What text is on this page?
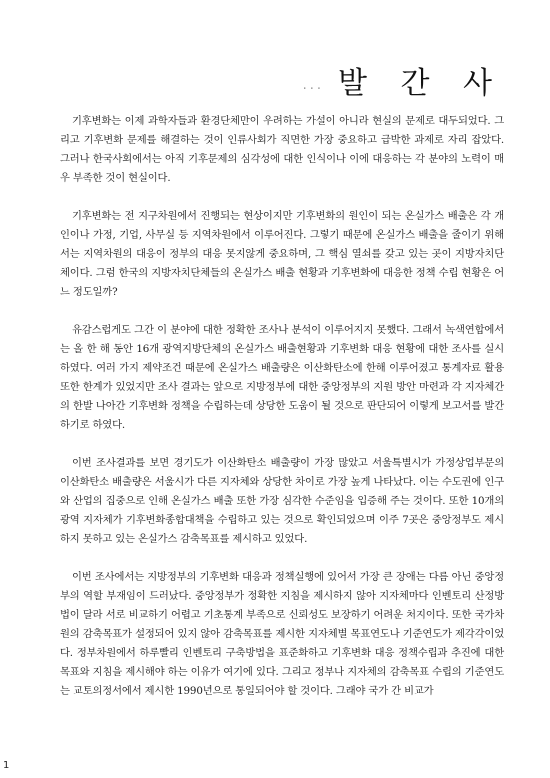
··· 발 간 사

기후변화는 이제 과학자들과 환경단체만이 우려하는 가설이 아니라 현실의 문제로 대두되었다. 그리고 기후변화 문제를 해결하는 것이 인류사회가 직면한 가장 중요하고 급박한 과제로 자리 잡았다. 그러나 한국사회에서는 아직 기후문제의 심각성에 대한 인식이나 이에 대응하는 각 분야의 노력이 매우 부족한 것이 현실이다.

기후변화는 전 지구차원에서 진행되는 현상이지만 기후변화의 원인이 되는 온실가스 배출은 각 개인이나 가정, 기업, 사무실 등 지역차원에서 이루어진다. 그렇기 때문에 온실가스 배출을 줄이기 위해서는 지역차원의 대응이 정부의 대응 못지않게 중요하며, 그 핵심 열쇠를 갖고 있는 곳이 지방자치단체이다. 그럼 한국의 지방자치단체들의 온실가스 배출 현황과 기후변화에 대응한 정책 수립 현황은 어느 정도일까?

유감스럽게도 그간 이 분야에 대한 정확한 조사나 분석이 이루어지지 못했다. 그래서 녹색연합에서는 올 한 해 동안 16개 광역지방단체의 온실가스 배출현황과 기후변화 대응 현황에 대한 조사를 실시하였다. 여러 가지 제약조건 때문에 온실가스 배출량은 이산화탄소에 한해 이루어졌고 통계자료 활용 또한 한계가 있었지만 조사 결과는 앞으로 지방정부에 대한 중앙정부의 지원 방안 마련과 각 지자체간의 한발 나아간 기후변화 정책을 수립하는데 상당한 도움이 될 것으로 판단되어 이렇게 보고서를 발간하기로 하였다.

이번 조사결과를 보면 경기도가 이산화탄소 배출량이 가장 많았고 서울특별시가 가정상업부문의 이산화탄소 배출량은 서울시가 다른 지자체와 상당한 차이로 가장 높게 나타났다. 이는 수도권에 인구와 산업의 집중으로 인해 온실가스 배출 또한 가장 심각한 수준임을 입증해 주는 것이다. 또한 10개의 광역 지자체가 기후변화종합대책을 수립하고 있는 것으로 확인되었으며 이주 7곳은 중앙정부도 제시하지 못하고 있는 온실가스 감축목표를 제시하고 있었다.

이번 조사에서는 지방정부의 기후변화 대응과 정책실행에 있어서 가장 큰 장애는 다름 아닌 중앙정부의 역할 부재임이 드러났다. 중앙정부가 정확한 지침을 제시하지 않아 지자체마다 인벤토리 산정방법이 달라 서로 비교하기 어렵고 기초통계 부족으로 신뢰성도 보장하기 어려운 처지이다. 또한 국가차원의 감축목표가 설정되어 있지 않아 감축목표를 제시한 지자체별 목표연도나 기준연도가 제각각이었다. 정부차원에서 하루빨리 인벤토리 구축방법을 표준화하고 기후변화 대응 정책수립과 추진에 대한 목표와 지침을 제시해야 하는 이유가 여기에 있다. 그리고 정부나 지자체의 감축목표 수립의 기준연도는 교토의정서에서 제시한 1990년으로 통일되어야 할 것이다. 그래야 국가 간 비교가

1
